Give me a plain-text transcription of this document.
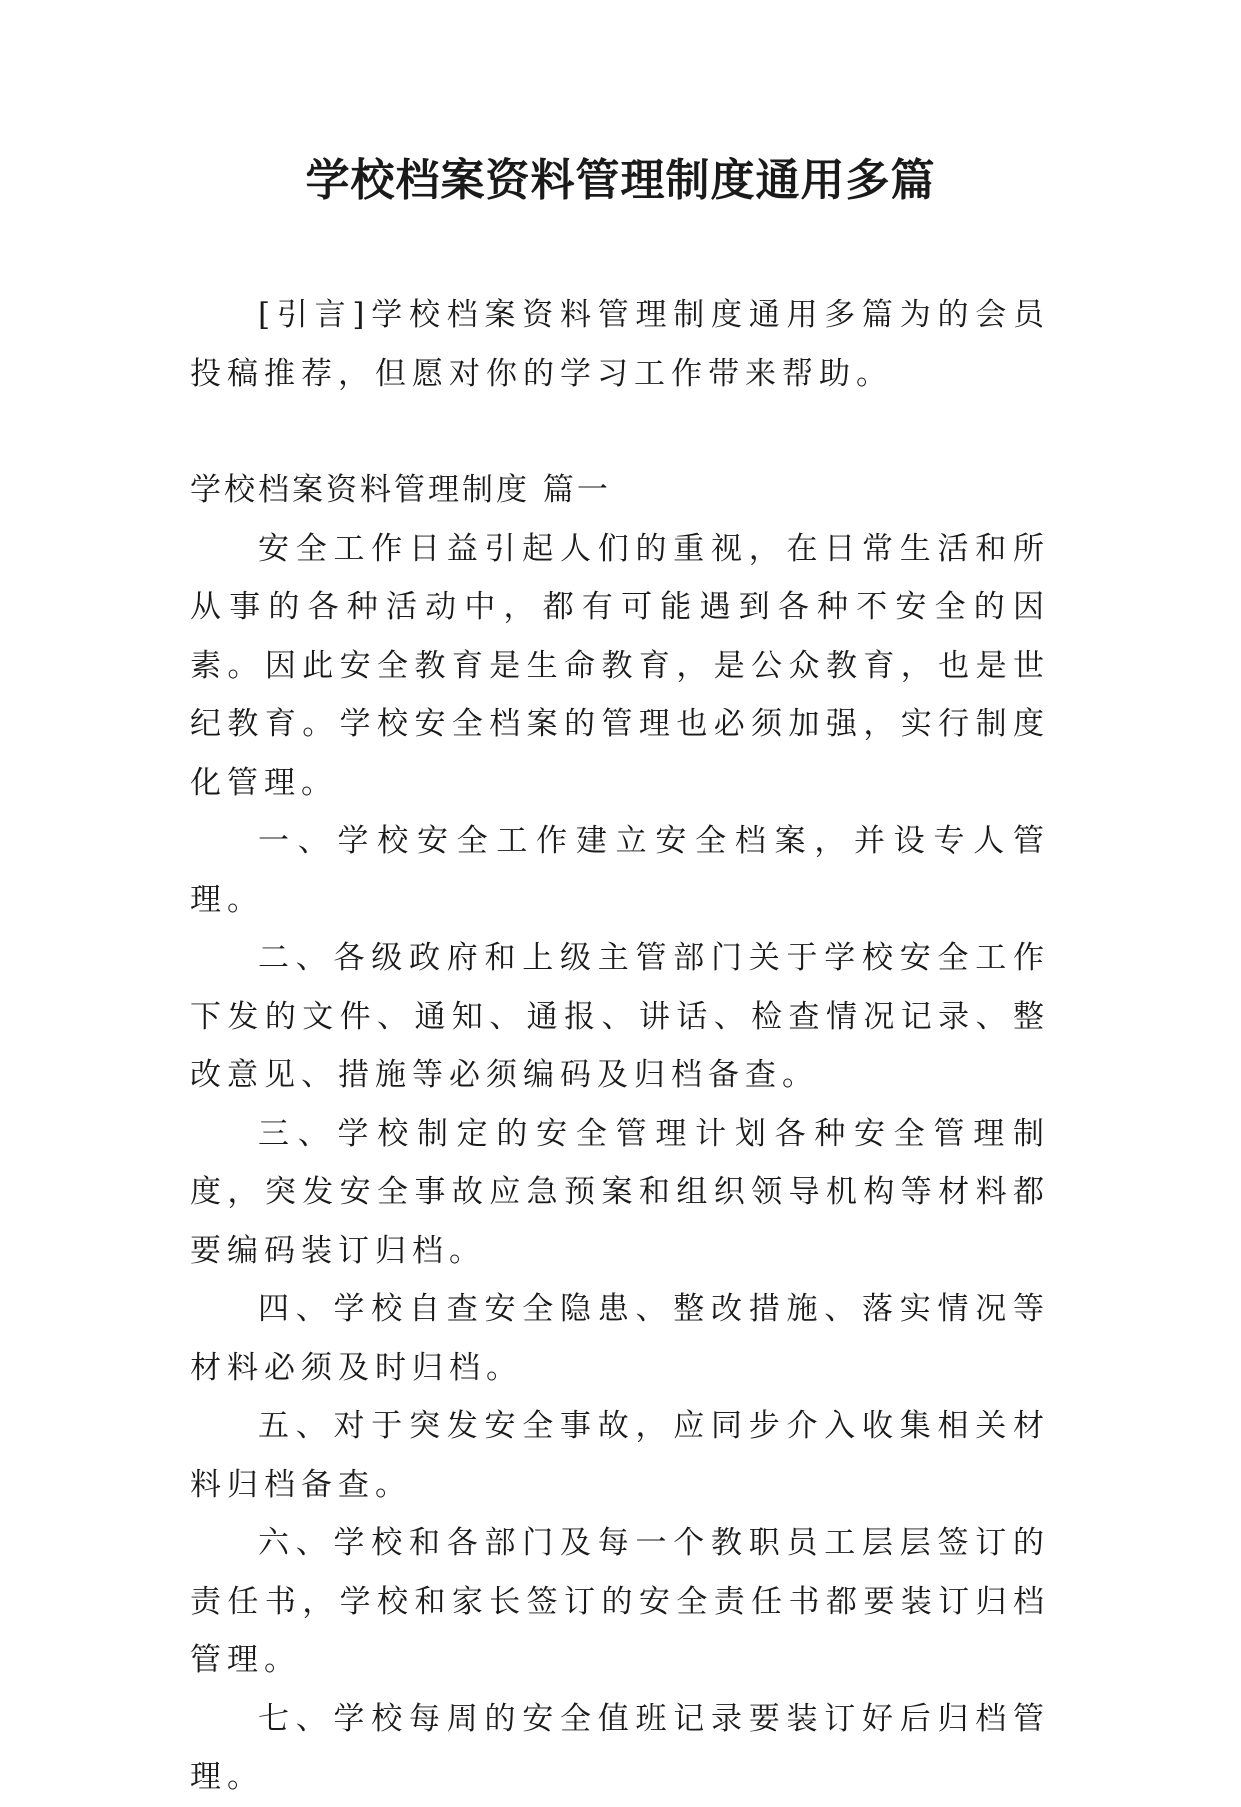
学校档案资料管理制度通用多篇

[引言]学校档案资料管理制度通用多篇为的会员投稿推荐，但愿对你的学习工作带来帮助。

学校档案资料管理制度 篇一

安全工作日益引起人们的重视，在日常生活和所从事的各种活动中，都有可能遇到各种不安全的因素。因此安全教育是生命教育，是公众教育，也是世纪教育。学校安全档案的管理也必须加强，实行制度化管理。

一、学校安全工作建立安全档案，并设专人管理。

二、各级政府和上级主管部门关于学校安全工作下发的文件、通知、通报、讲话、检查情况记录、整改意见、措施等必须编码及归档备查。

三、学校制定的安全管理计划各种安全管理制度，突发安全事故应急预案和组织领导机构等材料都要编码装订归档。

四、学校自查安全隐患、整改措施、落实情况等材料必须及时归档。

五、对于突发安全事故，应同步介入收集相关材料归档备查。

六、学校和各部门及每一个教职员工层层签订的责任书，学校和家长签订的安全责任书都要装订归档管理。

七、学校每周的安全值班记录要装订好后归档管理。
